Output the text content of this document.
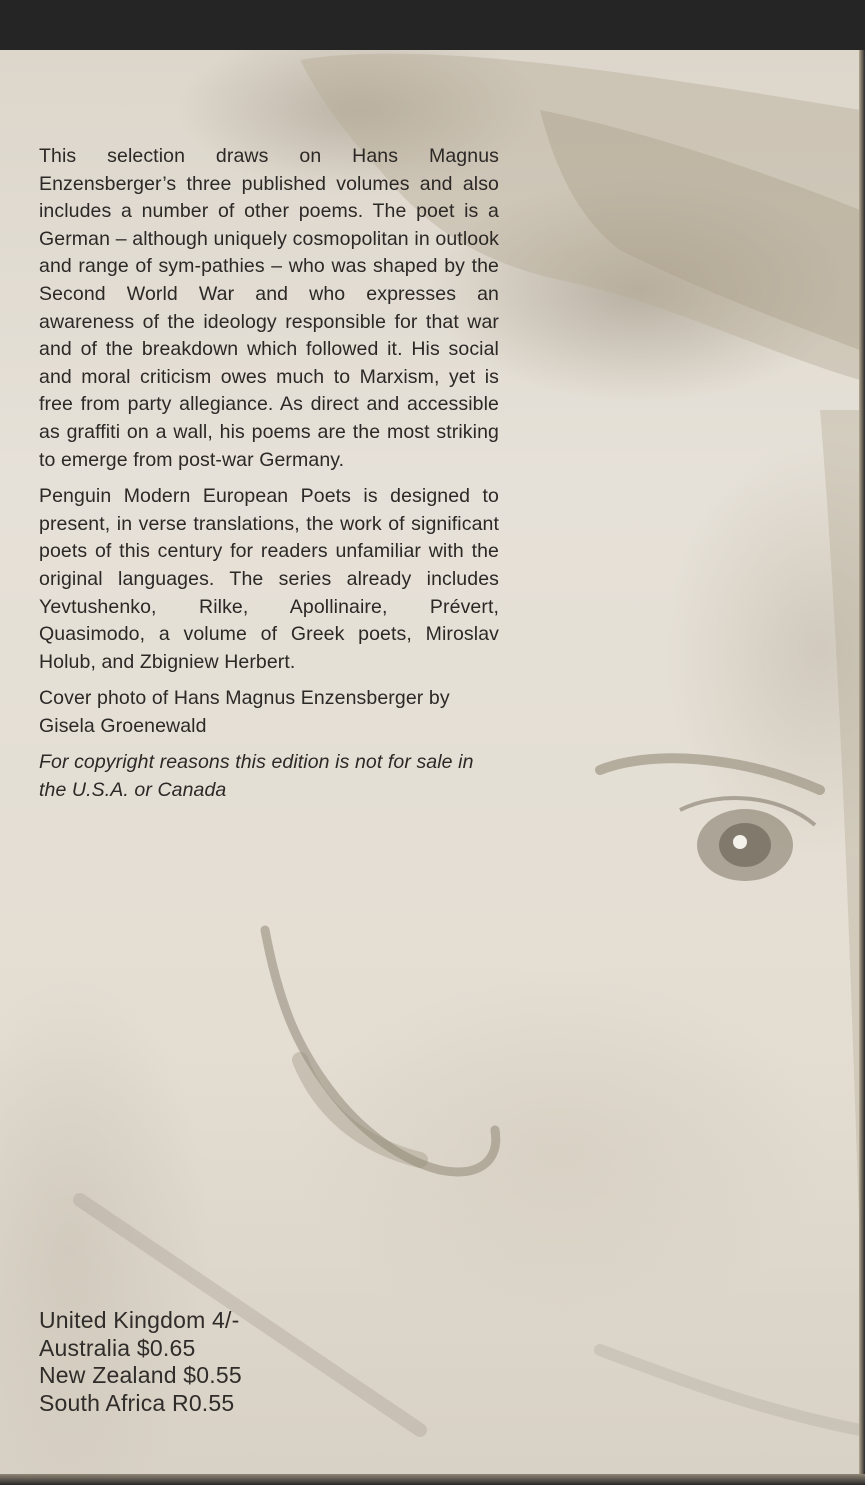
This selection draws on Hans Magnus Enzensberger’s three published volumes and also includes a number of other poems. The poet is a German – although uniquely cosmopolitan in outlook and range of sym-pathies – who was shaped by the Second World War and who expresses an awareness of the ideology responsible for that war and of the breakdown which followed it. His social and moral criticism owes much to Marxism, yet is free from party allegiance. As direct and accessible as graffiti on a wall, his poems are the most striking to emerge from post-war Germany.

Penguin Modern European Poets is designed to present, in verse translations, the work of significant poets of this century for readers unfamiliar with the original languages. The series already includes Yevtushenko, Rilke, Apollinaire, Prévert, Quasimodo, a volume of Greek poets, Miroslav Holub, and Zbigniew Herbert.

Cover photo of Hans Magnus Enzensberger by Gisela Groenewald

For copyright reasons this edition is not for sale in the U.S.A. or Canada

United Kingdom 4/-
Australia $0.65
New Zealand $0.55
South Africa R0.55
